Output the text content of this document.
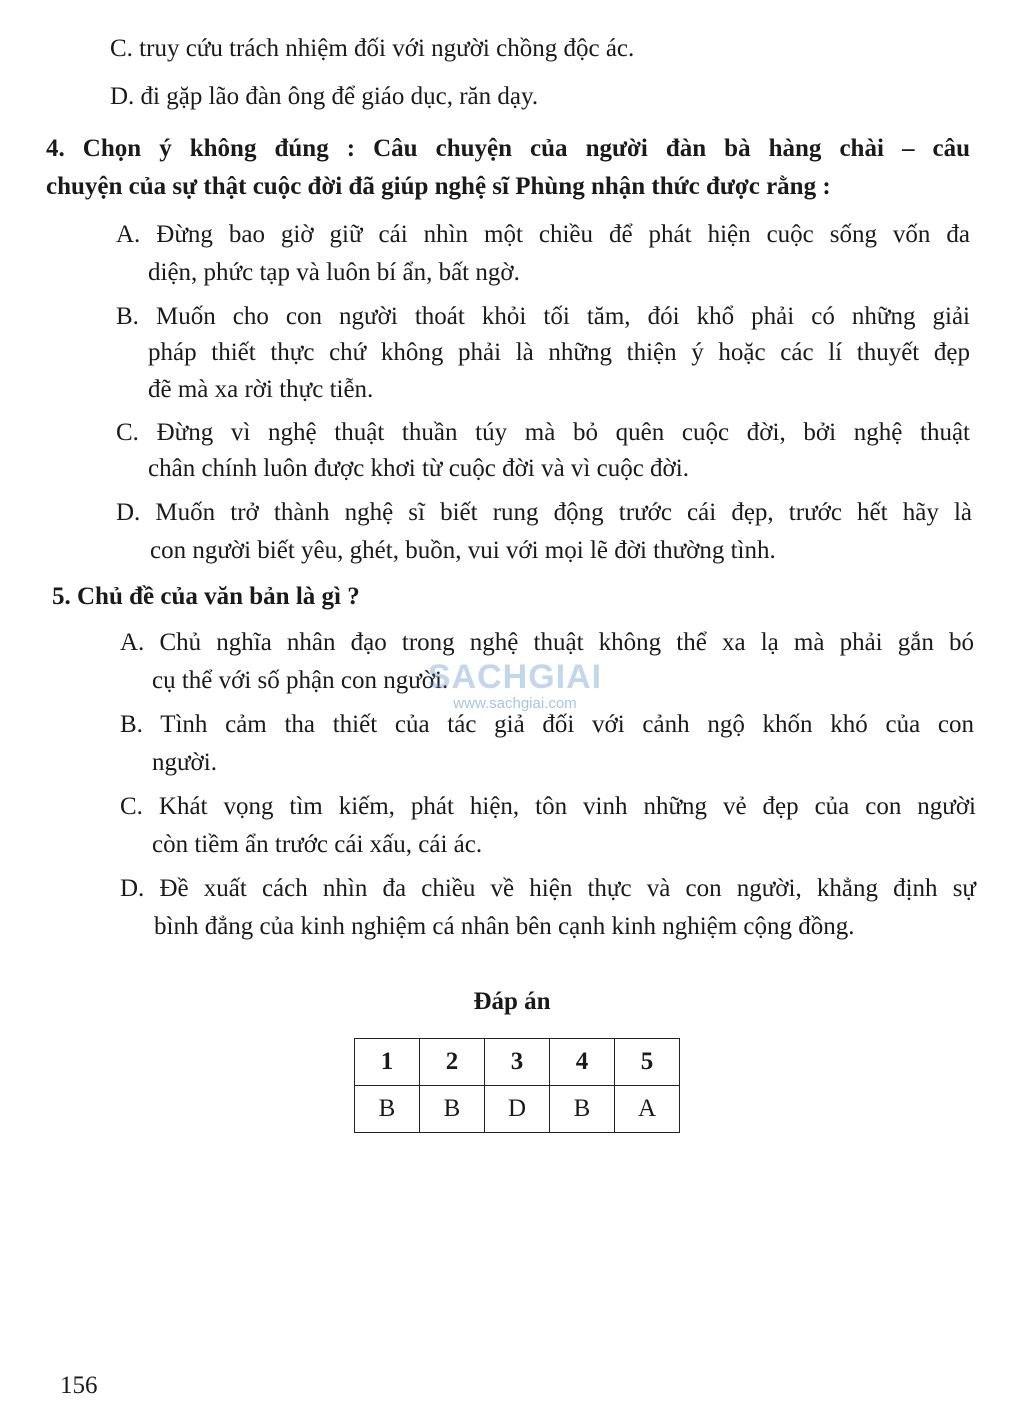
C. truy cứu trách nhiệm đối với người chồng độc ác.
D. đi gặp lão đàn ông để giáo dục, răn dạy.
4. Chọn ý không đúng : Câu chuyện của người đàn bà hàng chài – câu
chuyện của sự thật cuộc đời đã giúp nghệ sĩ Phùng nhận thức được rằng :
A. Đừng bao giờ giữ cái nhìn một chiều để phát hiện cuộc sống vốn đa
diện, phức tạp và luôn bí ẩn, bất ngờ.
B. Muốn cho con người thoát khỏi tối tăm, đói khổ phải có những giải
pháp thiết thực chứ không phải là những thiện ý hoặc các lí thuyết đẹp
đẽ mà xa rời thực tiễn.
C. Đừng vì nghệ thuật thuần túy mà bỏ quên cuộc đời, bởi nghệ thuật
chân chính luôn được khơi từ cuộc đời và vì cuộc đời.
D. Muốn trở thành nghệ sĩ biết rung động trước cái đẹp, trước hết hãy là
con người biết yêu, ghét, buồn, vui với mọi lẽ đời thường tình.
5. Chủ đề của văn bản là gì ?
A. Chủ nghĩa nhân đạo trong nghệ thuật không thể xa lạ mà phải gắn bó
cụ thể với số phận con người.
B. Tình cảm tha thiết của tác giả đối với cảnh ngộ khốn khó của con
người.
C. Khát vọng tìm kiếm, phát hiện, tôn vinh những vẻ đẹp của con người
còn tiềm ẩn trước cái xấu, cái ác.
D. Đề xuất cách nhìn đa chiều về hiện thực và con người, khẳng định sự
bình đẳng của kinh nghiệm cá nhân bên cạnh kinh nghiệm cộng đồng.
SACHGIAI
www.sachgiai.com
Đáp án
1	2	3	4	5
B	B	D	B	A
156
